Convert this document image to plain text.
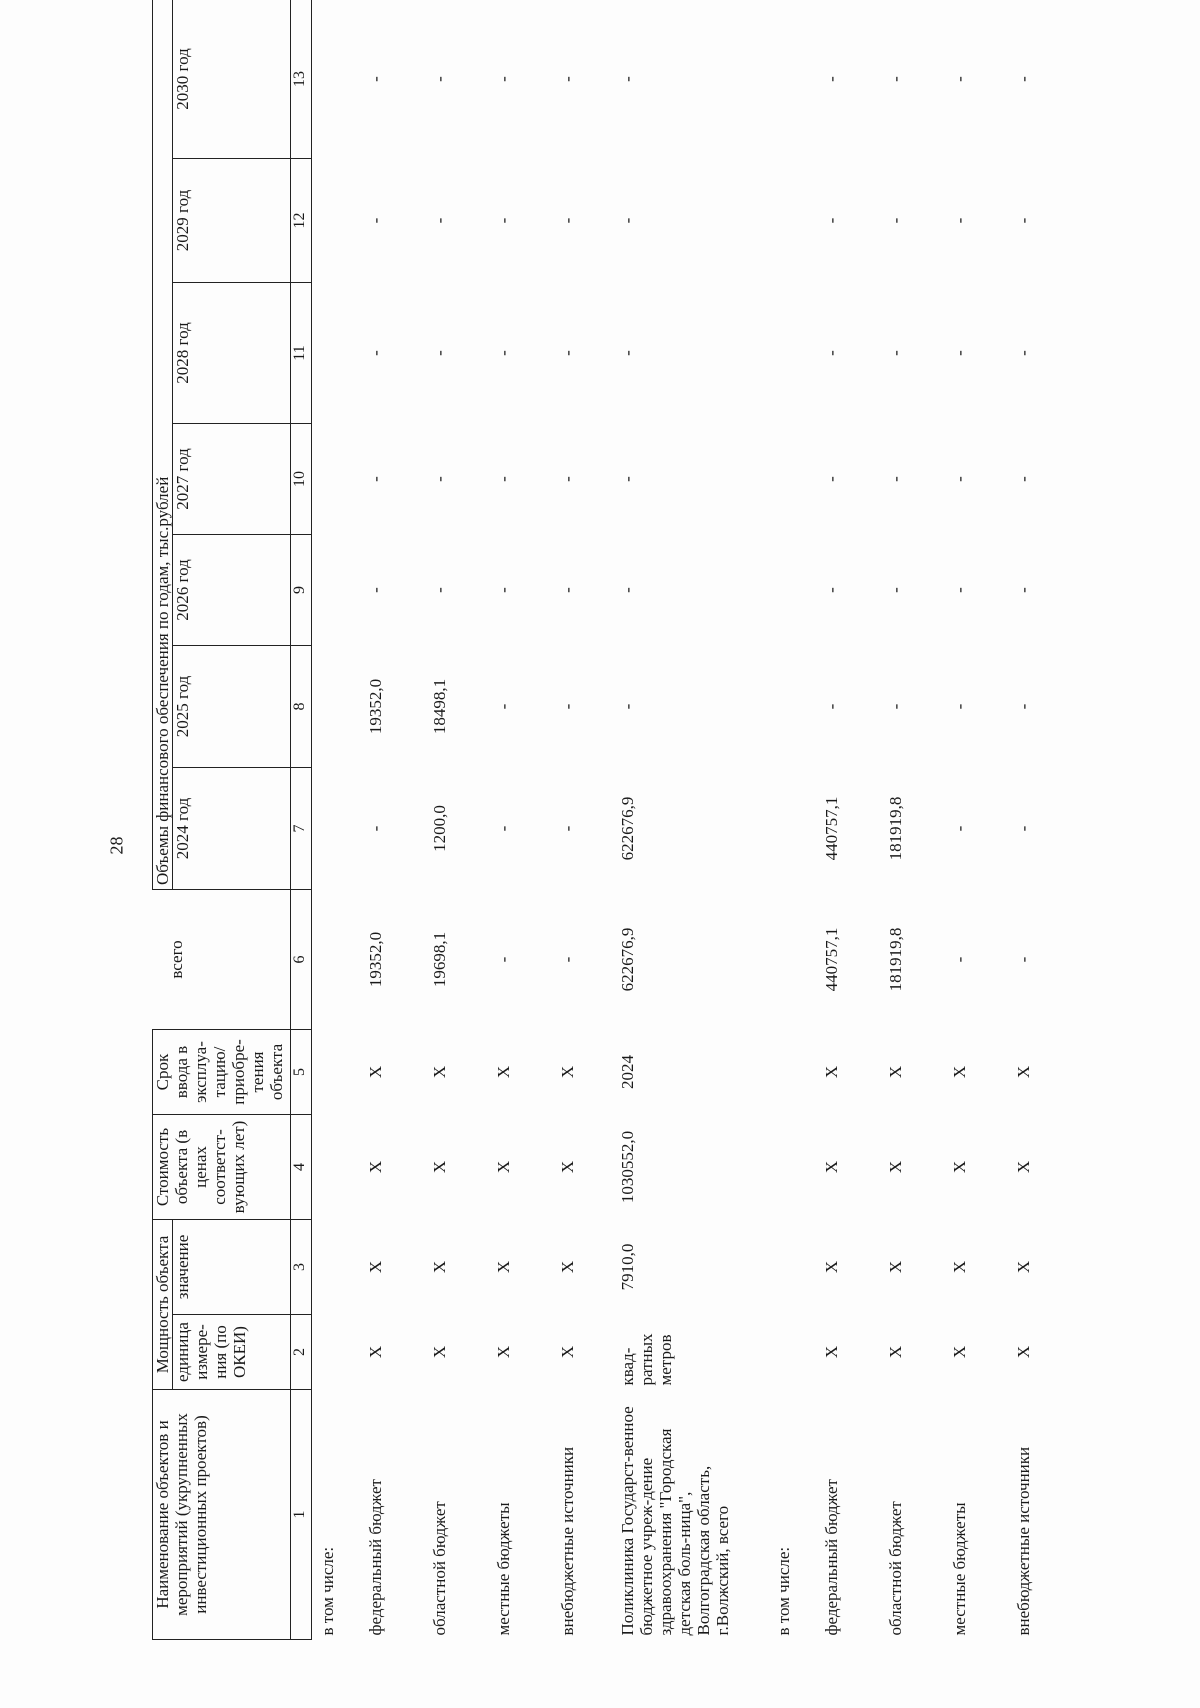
28
Наименование объектов и мероприятий (укрупненных инвестиционных проектов)	Мощность объекта		Стоимость объекта (в ценах соответст-вующих лет)	Срок ввода в эксплуа-тацию/ приобре-тения объекта	всего	Объемы финансового обеспечения по годам, тыс.рублей						
	единица измере-ния (по ОКЕИ)	значение				2024 год	2025 год	2026 год	2027 год	2028 год	2029 год	2030 год
1	2	3	4	5	6	7	8	9	10	11	12	13
в том числе:												
федеральный бюджет	X	X	X	X	19352,0	-	19352,0	-	-	-	-	-
областной бюджет	X	X	X	X	19698,1	1200,0	18498,1	-	-	-	-	-
местные бюджеты	X	X	X	X	-	-	-	-	-	-	-	-
внебюджетные источники	X	X	X	X	-	-	-	-	-	-	-	-
Поликлиника Государст-венное бюджетное учреж-дение здравоохранения "Городская детская боль-ница", Волгоградская область, г.Волжский, всего	квад-ратных метров	7910,0	1030552,0	2024	622676,9	622676,9	-	-	-	-	-	-
в том числе:												
федеральный бюджет	X	X	X	X	440757,1	440757,1	-	-	-	-	-	-
областной бюджет	X	X	X	X	181919,8	181919,8	-	-	-	-	-	-
местные бюджеты	X	X	X	X	-	-	-	-	-	-	-	-
внебюджетные источники	X	X	X	X	-	-	-	-	-	-	-	-
